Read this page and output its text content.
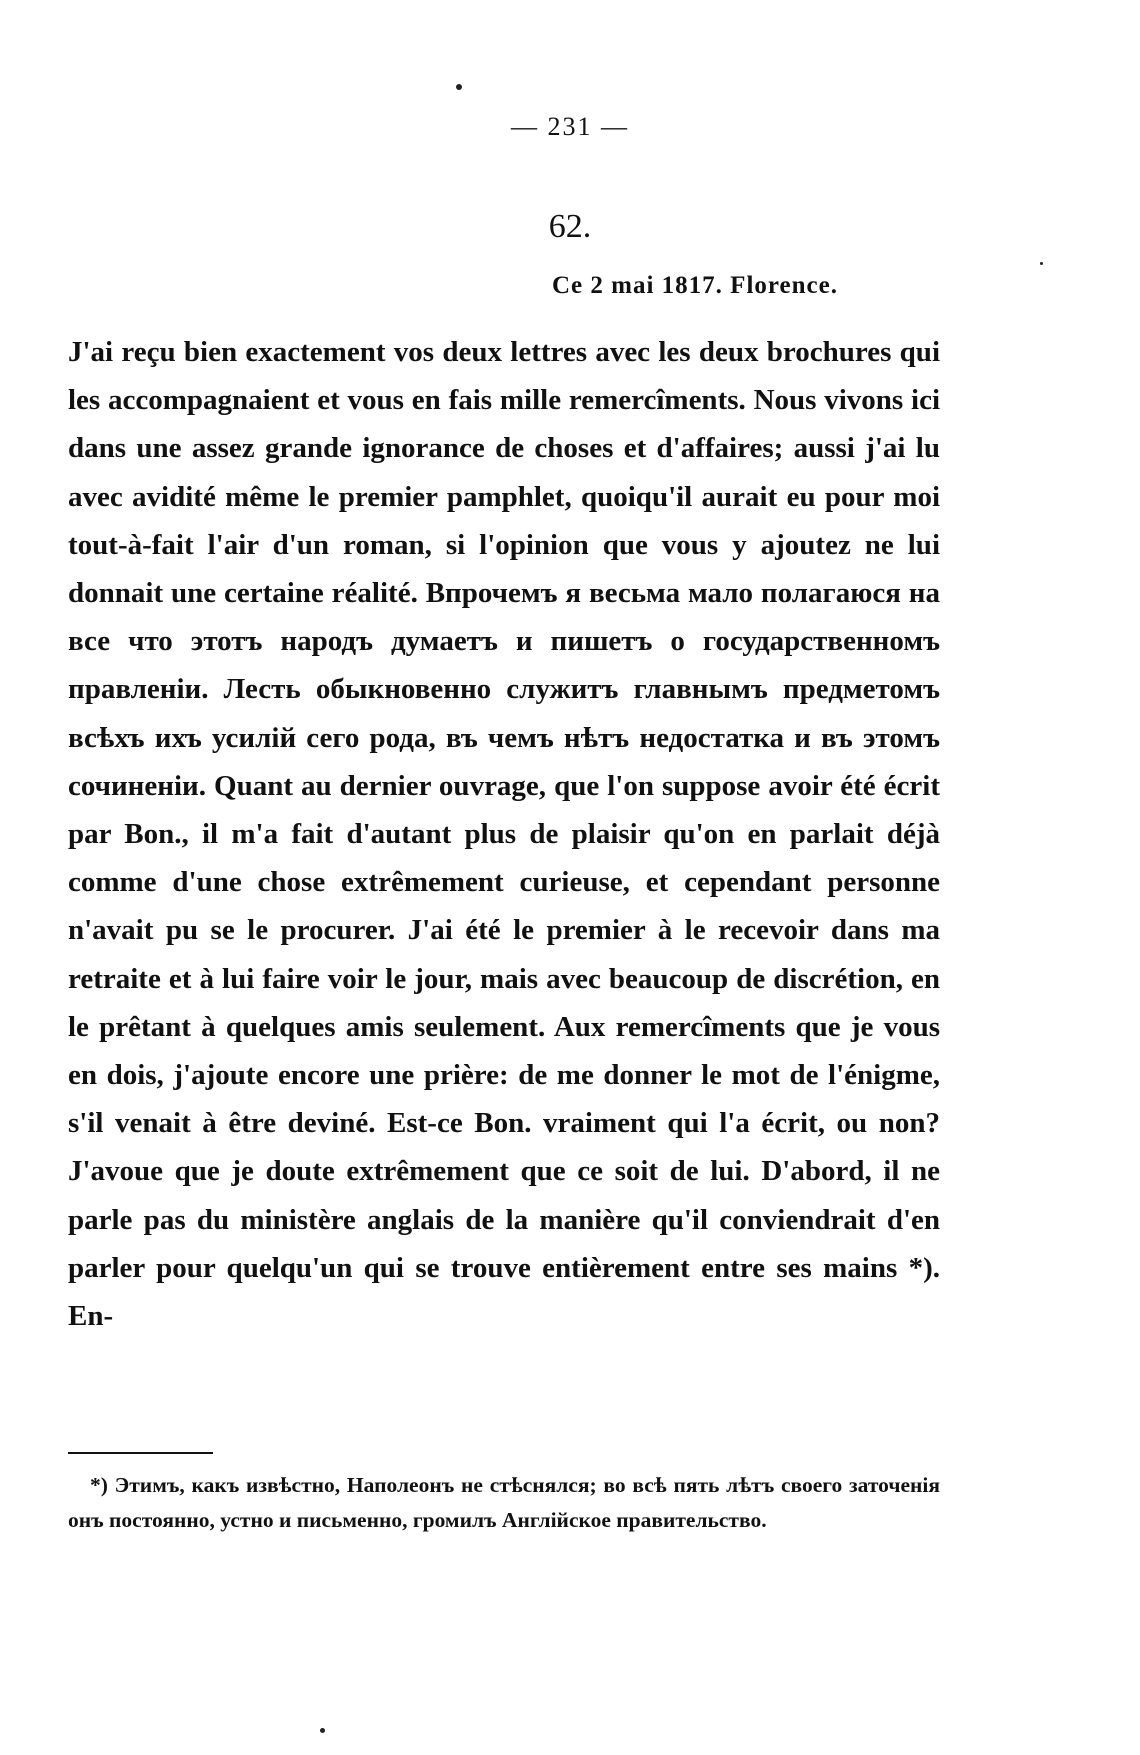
— 231 —
62.
Ce 2 mai 1817. Florence.
J'ai reçu bien exactement vos deux lettres avec les deux brochures qui les accompagnaient et vous en fais mille remercîments. Nous vivons ici dans une assez grande ignorance de choses et d'affaires; aussi j'ai lu avec avidité même le premier pamphlet, quoiqu'il aurait eu pour moi tout-à-fait l'air d'un roman, si l'opinion que vous y ajoutez ne lui donnait une certaine réalité. Впрочемъ я весьма мало полагаюся на все что этотъ народъ думаетъ и пишетъ о государственномъ правленіи. Лесть обыкновенно служитъ главнымъ предметомъ всѣхъ ихъ усилій сего рода, въ чемъ нѣтъ недостатка и въ этомъ сочиненіи. Quant au dernier ouvrage, que l'on suppose avoir été écrit par Bon., il m'a fait d'autant plus de plaisir qu'on en parlait déjà comme d'une chose extrêmement curieuse, et cependant personne n'avait pu se le procurer. J'ai été le premier à le recevoir dans ma retraite et à lui faire voir le jour, mais avec beaucoup de discrétion, en le prêtant à quelques amis seulement. Aux remercîments que je vous en dois, j'ajoute encore une prière: de me donner le mot de l'énigme, s'il venait à être deviné. Est-ce Bon. vraiment qui l'a écrit, ou non? J'avoue que je doute extrêmement que ce soit de lui. D'abord, il ne parle pas du ministère anglais de la manière qu'il conviendrait d'en parler pour quelqu'un qui se trouve entièrement entre ses mains *). En-
*) Этимъ, какъ извѣстно, Наполеонъ не стѣснялся; во всѣ пять лѣтъ своего заточенія онъ постоянно, устно и письменно, громилъ Англійское правительство.
